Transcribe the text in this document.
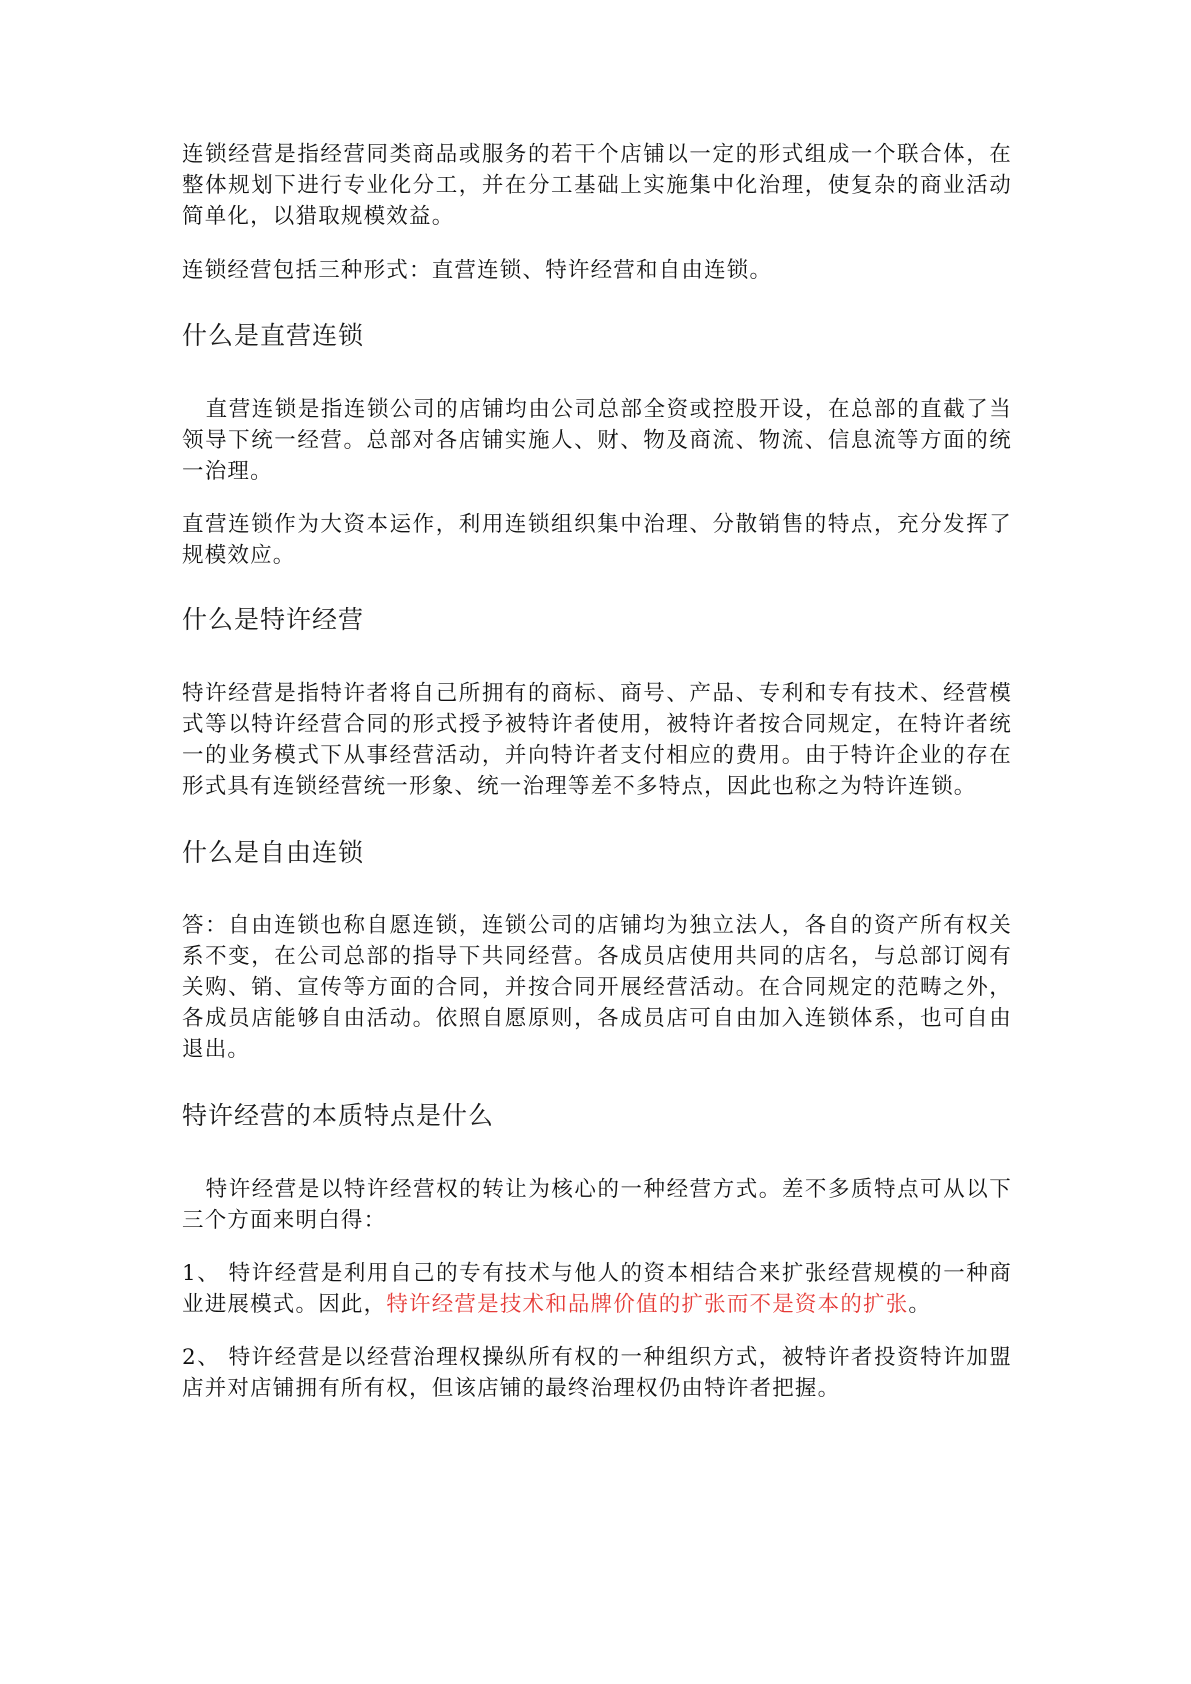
连锁经营是指经营同类商品或服务的若干个店铺以一定的形式组成一个联合体，在整体规划下进行专业化分工，并在分工基础上实施集中化治理，使复杂的商业活动简单化，以猎取规模效益。

连锁经营包括三种形式：直营连锁、特许经营和自由连锁。

什么是直营连锁

直营连锁是指连锁公司的店铺均由公司总部全资或控股开设，在总部的直截了当领导下统一经营。总部对各店铺实施人、财、物及商流、物流、信息流等方面的统一治理。

直营连锁作为大资本运作，利用连锁组织集中治理、分散销售的特点，充分发挥了规模效应。

什么是特许经营

特许经营是指特许者将自己所拥有的商标、商号、产品、专利和专有技术、经营模式等以特许经营合同的形式授予被特许者使用，被特许者按合同规定，在特许者统一的业务模式下从事经营活动，并向特许者支付相应的费用。由于特许企业的存在形式具有连锁经营统一形象、统一治理等差不多特点，因此也称之为特许连锁。

什么是自由连锁

答：自由连锁也称自愿连锁，连锁公司的店铺均为独立法人，各自的资产所有权关系不变，在公司总部的指导下共同经营。各成员店使用共同的店名，与总部订阅有关购、销、宣传等方面的合同，并按合同开展经营活动。在合同规定的范畴之外，各成员店能够自由活动。依照自愿原则，各成员店可自由加入连锁体系，也可自由退出。

特许经营的本质特点是什么

特许经营是以特许经营权的转让为核心的一种经营方式。差不多质特点可从以下三个方面来明白得：

1、 特许经营是利用自己的专有技术与他人的资本相结合来扩张经营规模的一种商业进展模式。因此，特许经营是技术和品牌价值的扩张而不是资本的扩张。

2、 特许经营是以经营治理权操纵所有权的一种组织方式，被特许者投资特许加盟店并对店铺拥有所有权，但该店铺的最终治理权仍由特许者把握。
